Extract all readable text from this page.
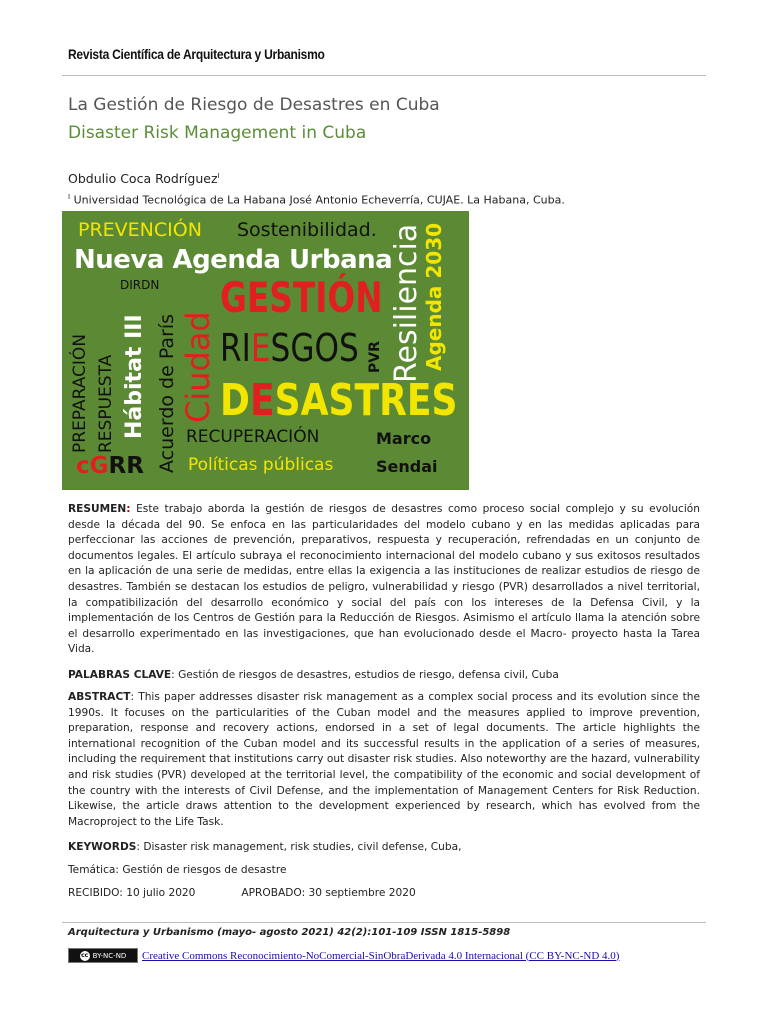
Revista Científica de Arquitectura y Urbanismo
La Gestión de Riesgo de Desastres en Cuba
Disaster Risk Management in Cuba
Obdulio Coca Rodríguez$^I$
$^I$ Universidad Tecnológica de La Habana José Antonio Echeverría, CUJAE. La Habana, Cuba.
PREVENCIÓN Sostenibilidad.
Nueva Agenda Urbana
DIRDN GESTIÓN
PREPARACIÓN RESPUESTA Hábitat III Acuerdo de París Ciudad RIESGOS PVR Resiliencia
Agenda 2030
DESASTRES
RECUPERACIÓN	Marco
cGRR	Políticas públicas	Sendai
RESUMEN: Este trabajo aborda la gestión de riesgos de desastres como proceso social complejo y su evolución desde la década del 90. Se enfoca en las particularidades del modelo cubano y en las medidas aplicadas para perfeccionar las acciones de prevención, preparativos, respuesta y recuperación, refrendadas en un conjunto de documentos legales. El artículo subraya el reconocimiento internacional del modelo cubano y sus exitosos resultados en la aplicación de una serie de medidas, entre ellas la exigencia a las instituciones de realizar estudios de riesgo de desastres. También se destacan los estudios de peligro, vulnerabilidad y riesgo (PVR) desarrollados a nivel territorial, la compatibilización del desarrollo económico y social del país con los intereses de la Defensa Civil, y la implementación de los Centros de Gestión para la Reducción de Riesgos. Asimismo el artículo llama la atención sobre el desarrollo experimentado en las investigaciones, que han evolucionado desde el Macro- proyecto hasta la Tarea Vida.
PALABRAS CLAVE: Gestión de riesgos de desastres, estudios de riesgo, defensa civil, Cuba
ABSTRACT: This paper addresses disaster risk management as a complex social process and its evolution since the 1990s. It focuses on the particularities of the Cuban model and the measures applied to improve prevention, preparation, response and recovery actions, endorsed in a set of legal documents. The article highlights the international recognition of the Cuban model and its successful results in the application of a series of measures, including the requirement that institutions carry out disaster risk studies. Also noteworthy are the hazard, vulnerability and risk studies (PVR) developed at the territorial level, the compatibility of the economic and social development of the country with the interests of Civil Defense, and the implementation of Management Centers for Risk Reduction. Likewise, the article draws attention to the development experienced by research, which has evolved from the Macroproject to the Life Task.
KEYWORDS: Disaster risk management, risk studies, civil defense, Cuba,
Temática: Gestión de riesgos de desastre
RECIBIDO: 10 julio 2020	APROBADO: 30 septiembre 2020
Arquitectura y Urbanismo (mayo- agosto 2021) 42(2):101-109 ISSN 1815-5898
cc BY-NC-ND Creative Commons Reconocimiento-NoComercial-SinObraDerivada 4.0 Internacional (CC BY-NC-ND 4.0)
